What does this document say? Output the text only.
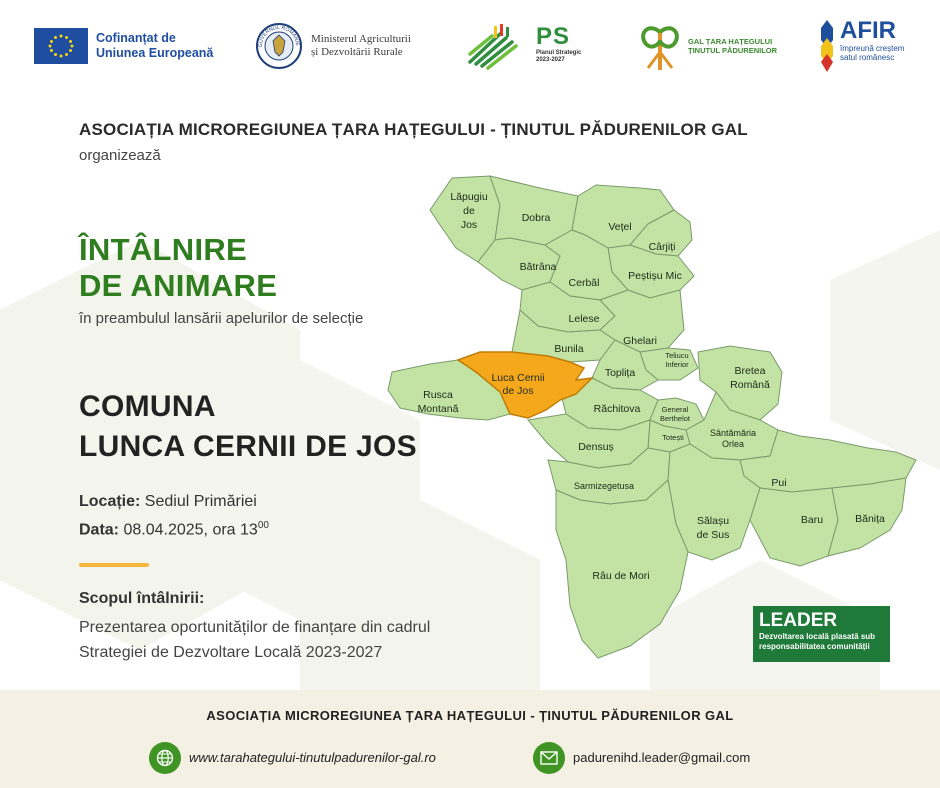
Cofinanțat de
Uniunea Europeană
GUVERNUL ROMÂNIE Ministerul Agriculturii
și Dezvoltării Rurale
PS
Planul Strategic
2023-2027
GAL ȚARA HAȚEGULUI
ȚINUTUL PĂDURENILOR
AFIR
împreună creștem
satul românesc
ASOCIAȚIA MICROREGIUNEA ȚARA HAȚEGULUI - ȚINUTUL PĂDURENILOR GAL
organizează
ÎNTÂLNIRE
DE ANIMARE
în preambulul lansării apelurilor de selecție
COMUNA
LUNCA CERNII DE JOS
Locație: Sediul Primăriei
Data: 08.04.2025, ora $13^{00}$
Scopul întâlnirii:
Prezentarea oportunităților de finanțare din cadrul
Strategiei de Dezvoltare Locală 2023-2027
Lăpugiu
de
Jos
Dobra
Vețel
Cârjiți
Peștișu Mic
Bătrâna
Cerbăl
Lelese
Ghelari
Bunila
Teliucu
Inferior
Luca Cernii
de Jos
Toplița	Bretea
Română
Rusca
Montană	Răchitova	General
Berthelot
Totești	Sântămăria
Orlea
Densuș
Pui
Sarmizegetusa
Sălașu
de Sus
Baru	Bănița
Râu de Mori
LEADER
Dezvoltarea locală plasată sub
responsabilitatea comunității
ASOCIAȚIA MICROREGIUNEA ȚARA HAȚEGULUI - ȚINUTUL PĂDURENILOR GAL
www.tarahategului-tinutulpadurenilor-gal.ro	padurenihd.leader@gmail.com
